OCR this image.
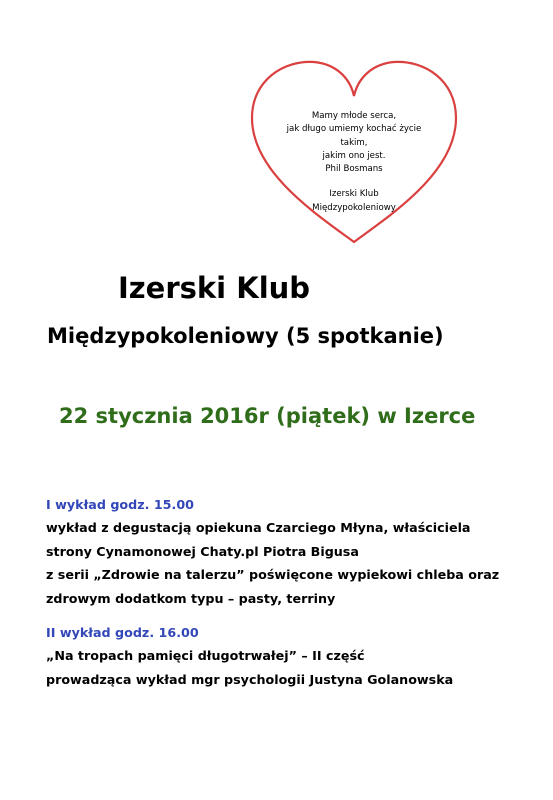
Mamy młode serca,
jak długo umiemy kochać życie
takim,
jakim ono jest.
Phil Bosmans
Izerski Klub
Międzypokoleniowy
Izerski Klub
Międzypokoleniowy (5 spotkanie)
22 stycznia 2016r (piątek) w Izerce
I wykład godz. 15.00
wykład z degustacją opiekuna Czarciego Młyna, właściciela
strony Cynamonowej Chaty.pl Piotra Bigusa
z serii „Zdrowie na talerzu” poświęcone wypiekowi chleba oraz
zdrowym dodatkom typu – pasty, terriny
II wykład godz. 16.00
„Na tropach pamięci długotrwałej” – II część
prowadząca wykład mgr psychologii Justyna Golanowska
